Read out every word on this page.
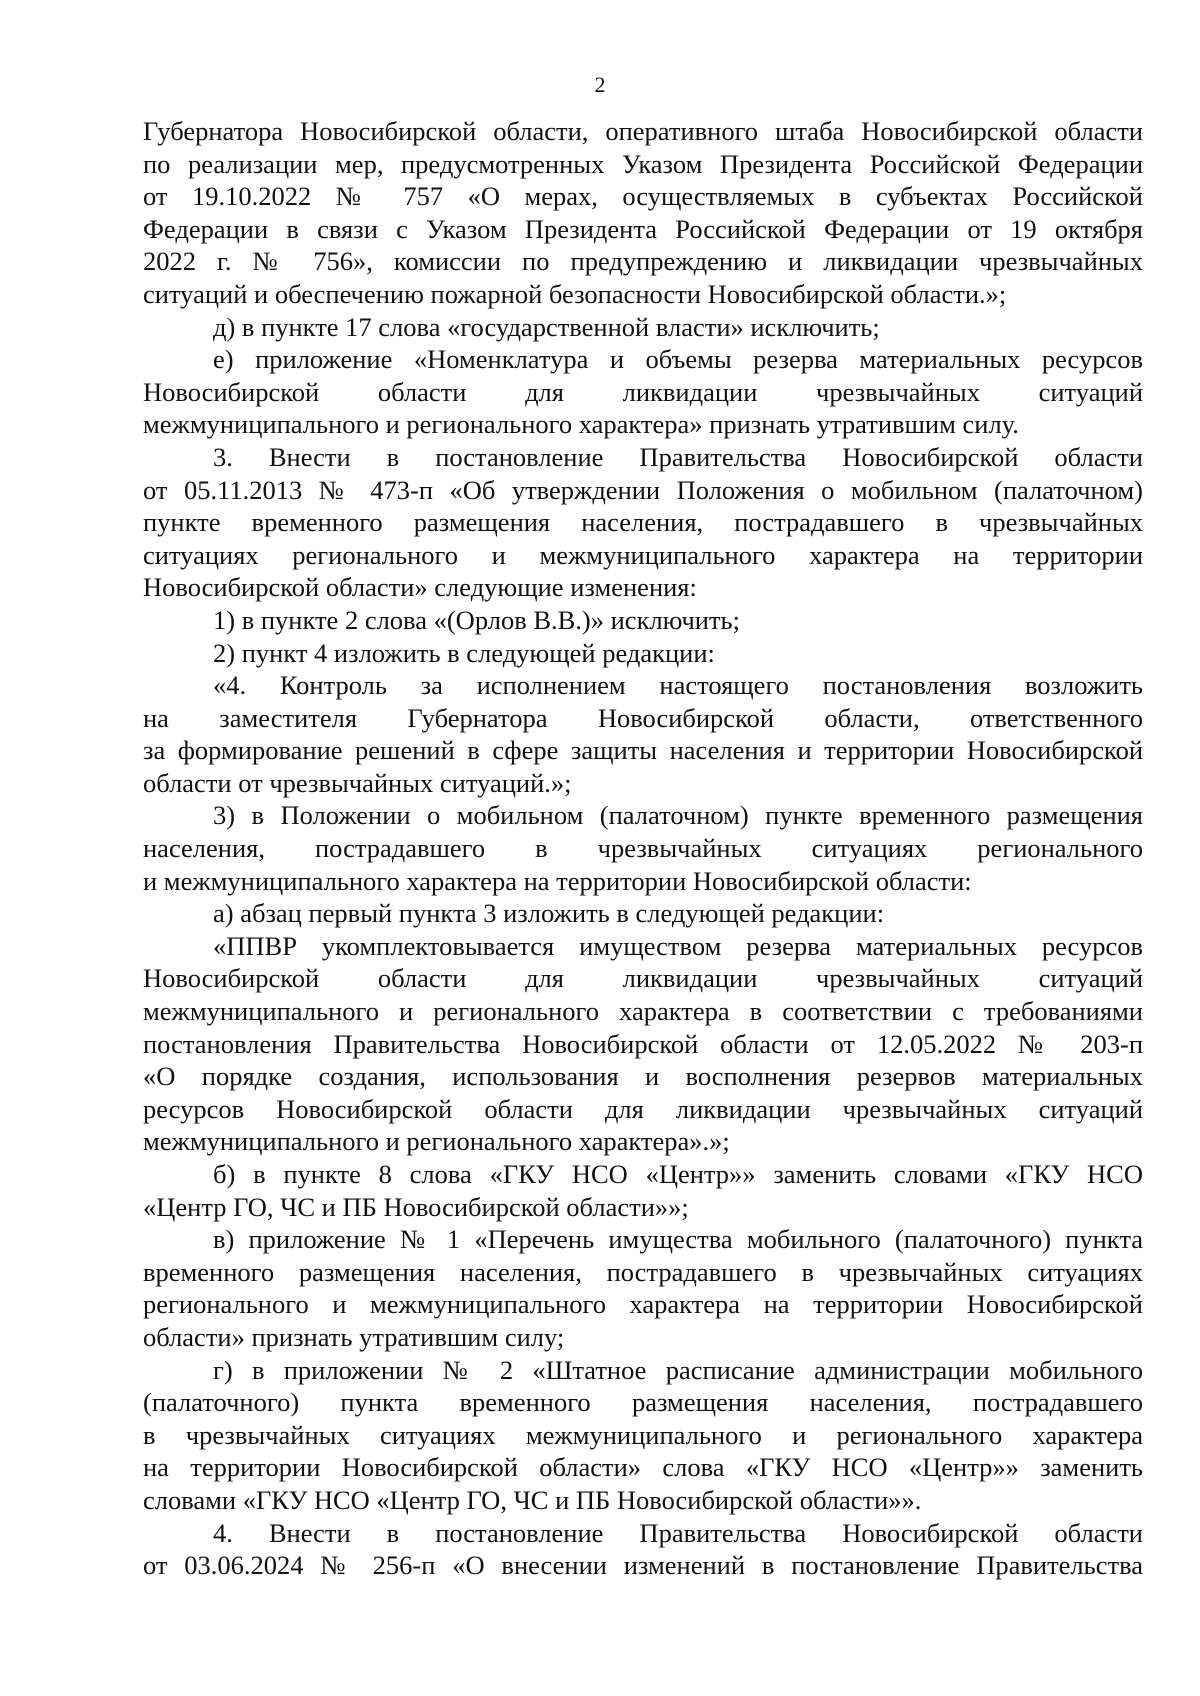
2
Губернатора Новосибирской области, оперативного штаба Новосибирской области
по реализации мер, предусмотренных Указом Президента Российской Федерации
от 19.10.2022 № 757 «О мерах, осуществляемых в субъектах Российской
Федерации в связи с Указом Президента Российской Федерации от 19 октября
2022 г. № 756», комиссии по предупреждению и ликвидации чрезвычайных
ситуаций и обеспечению пожарной безопасности Новосибирской области.»;
д) в пункте 17 слова «государственной власти» исключить;
е) приложение «Номенклатура и объемы резерва материальных ресурсов
Новосибирской области для ликвидации чрезвычайных ситуаций
межмуниципального и регионального характера» признать утратившим силу.
3. Внести в постановление Правительства Новосибирской области
от 05.11.2013 № 473-п «Об утверждении Положения о мобильном (палаточном)
пункте временного размещения населения, пострадавшего в чрезвычайных
ситуациях регионального и межмуниципального характера на территории
Новосибирской области» следующие изменения:
1) в пункте 2 слова «(Орлов В.В.)» исключить;
2) пункт 4 изложить в следующей редакции:
«4. Контроль за исполнением настоящего постановления возложить
на заместителя Губернатора Новосибирской области, ответственного
за формирование решений в сфере защиты населения и территории Новосибирской
области от чрезвычайных ситуаций.»;
3) в Положении о мобильном (палаточном) пункте временного размещения
населения, пострадавшего в чрезвычайных ситуациях регионального
и межмуниципального характера на территории Новосибирской области:
а) абзац первый пункта 3 изложить в следующей редакции:
«ППВР укомплектовывается имуществом резерва материальных ресурсов
Новосибирской области для ликвидации чрезвычайных ситуаций
межмуниципального и регионального характера в соответствии с требованиями
постановления Правительства Новосибирской области от 12.05.2022 № 203-п
«О порядке создания, использования и восполнения резервов материальных
ресурсов Новосибирской области для ликвидации чрезвычайных ситуаций
межмуниципального и регионального характера».»;
б) в пункте 8 слова «ГКУ НСО «Центр»» заменить словами «ГКУ НСО
«Центр ГО, ЧС и ПБ Новосибирской области»»;
в) приложение № 1 «Перечень имущества мобильного (палаточного) пункта
временного размещения населения, пострадавшего в чрезвычайных ситуациях
регионального и межмуниципального характера на территории Новосибирской
области» признать утратившим силу;
г) в приложении № 2 «Штатное расписание администрации мобильного
(палаточного) пункта временного размещения населения, пострадавшего
в чрезвычайных ситуациях межмуниципального и регионального характера
на территории Новосибирской области» слова «ГКУ НСО «Центр»» заменить
словами «ГКУ НСО «Центр ГО, ЧС и ПБ Новосибирской области»».
4. Внести в постановление Правительства Новосибирской области
от 03.06.2024 № 256-п «О внесении изменений в постановление Правительства
